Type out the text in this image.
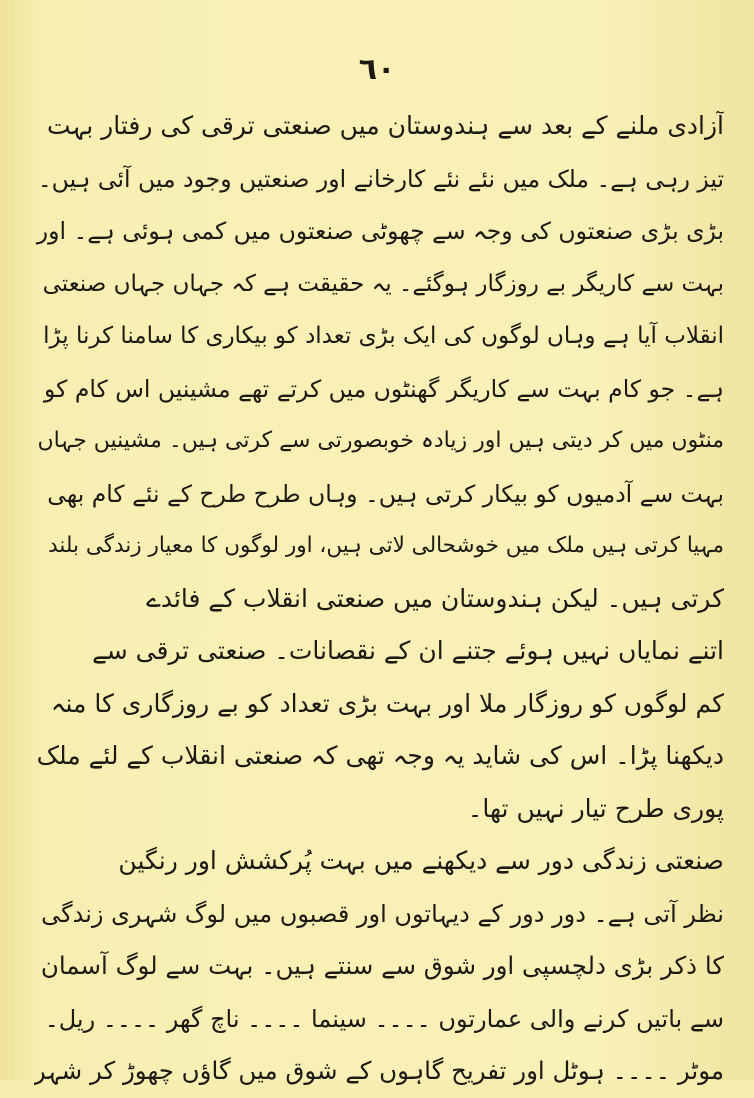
٦٠
آزادی ملنے کے بعد سے ہندوستان میں صنعتی ترقی کی رفتار بہت
تیز رہی ہے۔ ملک میں نئے نئے کارخانے اور صنعتیں وجود میں آئی ہیں۔
بڑی بڑی صنعتوں کی وجہ سے چھوٹی صنعتوں میں کمی ہوئی ہے۔ اور
بہت سے کاریگر بے روزگار ہوگئے۔ یہ حقیقت ہے کہ جہاں جہاں صنعتی
انقلاب آیا ہے وہاں لوگوں کی ایک بڑی تعداد کو بیکاری کا سامنا کرنا پڑا
ہے۔ جو کام بہت سے کاریگر گھنٹوں میں کرتے تھے مشینیں اس کام کو
منٹوں میں کر دیتی ہیں اور زیادہ خوبصورتی سے کرتی ہیں۔ مشینیں جہاں
بہت سے آدمیوں کو بیکار کرتی ہیں۔ وہاں طرح طرح کے نئے کام بھی
مہیا کرتی ہیں ملک میں خوشحالی لاتی ہیں، اور لوگوں کا معیار زندگی بلند
کرتی ہیں۔ لیکن ہندوستان میں صنعتی انقلاب کے فائدے
اتنے نمایاں نہیں ہوئے جتنے ان کے نقصانات۔ صنعتی ترقی سے
کم لوگوں کو روزگار ملا اور بہت بڑی تعداد کو بے روزگاری کا منہ
دیکھنا پڑا۔ اس کی شاید یہ وجہ تھی کہ صنعتی انقلاب کے لئے ملک
پوری طرح تیار نہیں تھا۔
صنعتی زندگی دور سے دیکھنے میں بہت پُرکشش اور رنگین
نظر آتی ہے۔ دور دور کے دیہاتوں اور قصبوں میں لوگ شہری زندگی
کا ذکر بڑی دلچسپی اور شوق سے سنتے ہیں۔ بہت سے لوگ آسمان
سے باتیں کرنے والی عمارتوں ۔۔۔۔ سینما ۔۔۔۔ ناچ گھر ۔۔۔۔ ریل۔
موٹر ۔۔۔۔ ہوٹل اور تفریح گاہوں کے شوق میں گاؤں چھوڑ کر شہر
